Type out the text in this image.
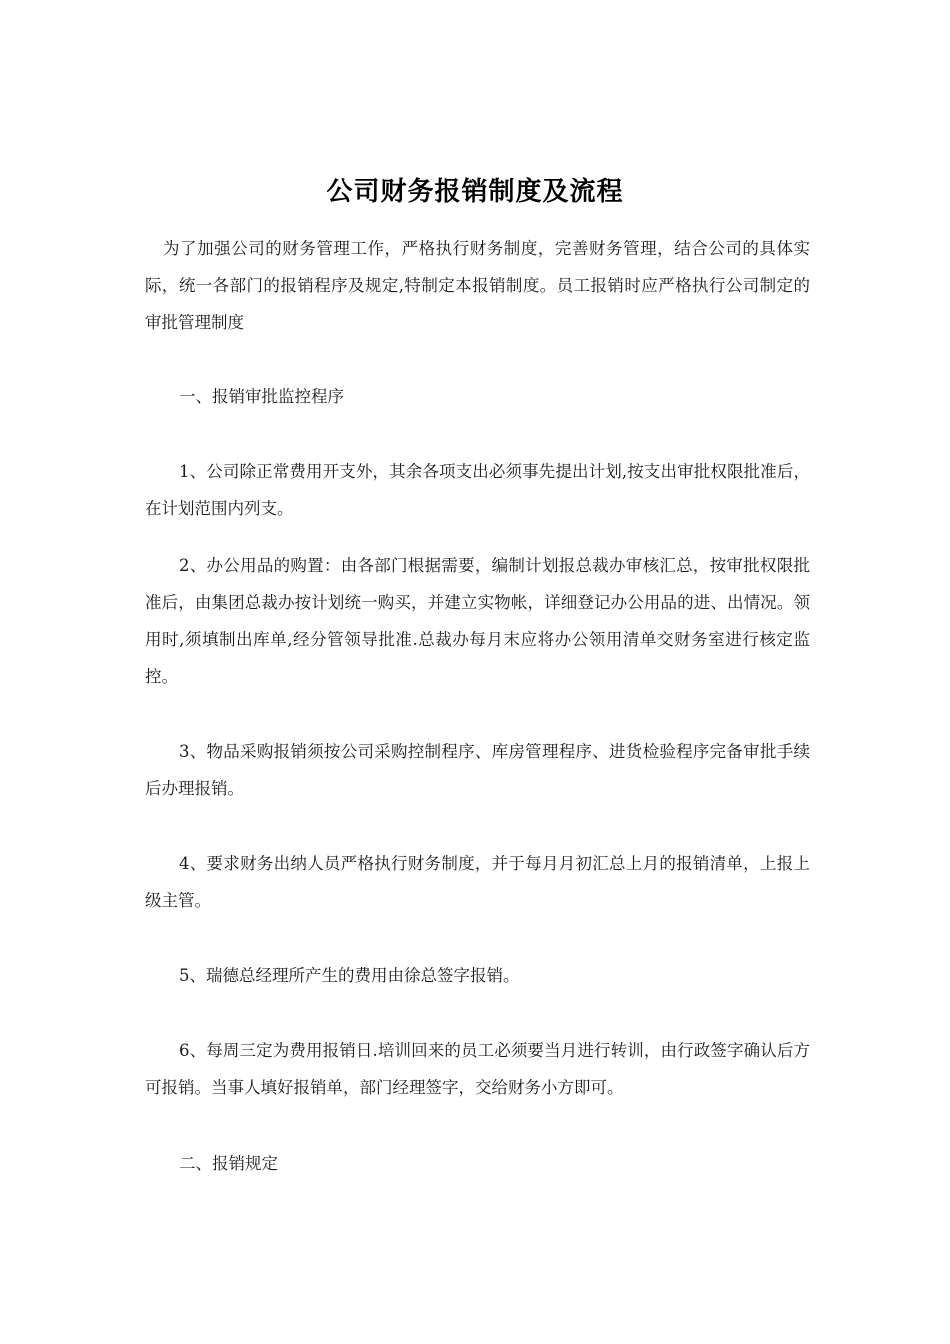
公司财务报销制度及流程
为了加强公司的财务管理工作，严格执行财务制度，完善财务管理，结合公司的具体实际，统一各部门的报销程序及规定,特制定本报销制度。员工报销时应严格执行公司制定的审批管理制度
一、报销审批监控程序
1、公司除正常费用开支外，其余各项支出必须事先提出计划,按支出审批权限批准后，在计划范围内列支。
2、办公用品的购置：由各部门根据需要，编制计划报总裁办审核汇总，按审批权限批准后，由集团总裁办按计划统一购买，并建立实物帐，详细登记办公用品的进、出情况。领用时,须填制出库单,经分管领导批准.总裁办每月末应将办公领用清单交财务室进行核定监控。
3、物品采购报销须按公司采购控制程序、库房管理程序、进货检验程序完备审批手续后办理报销。
4、要求财务出纳人员严格执行财务制度，并于每月月初汇总上月的报销清单，上报上级主管。
5、瑞德总经理所产生的费用由徐总签字报销。
6、每周三定为费用报销日.培训回来的员工必须要当月进行转训，由行政签字确认后方可报销。当事人填好报销单，部门经理签字，交给财务小方即可。
二、报销规定
